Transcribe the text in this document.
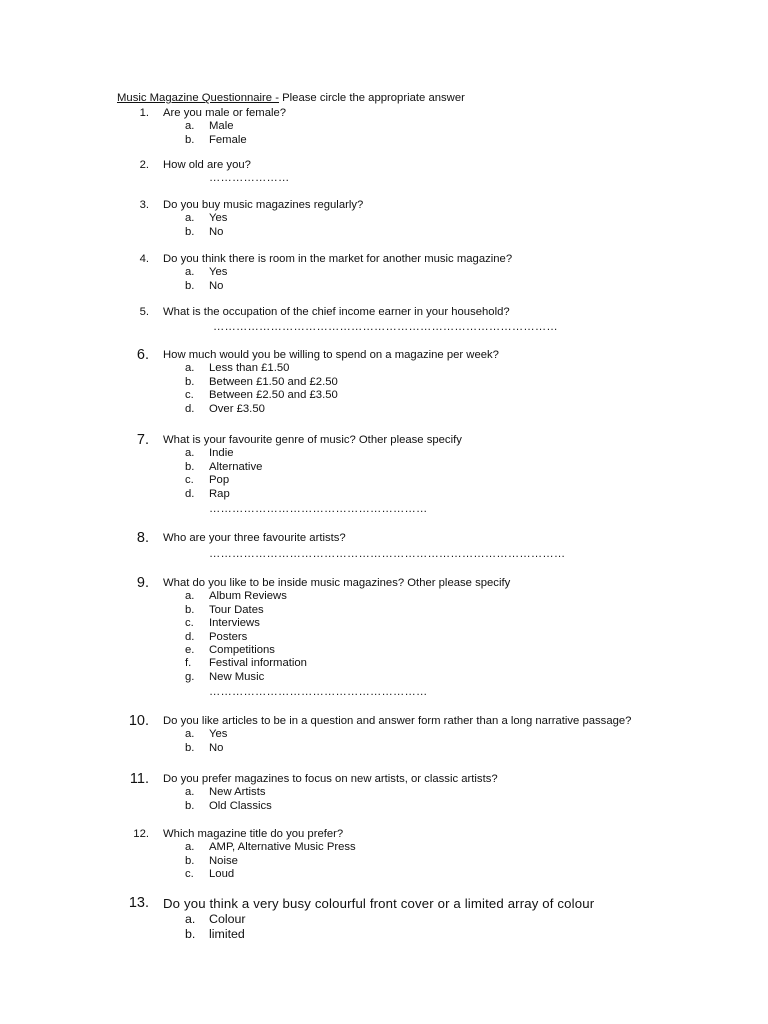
Music Magazine Questionnaire - Please circle the appropriate answer
1. Are you male or female?
a. Male
b. Female
2. How old are you?
…………………
3. Do you buy music magazines regularly?
a. Yes
b. No
4. Do you think there is room in the market for another music magazine?
a. Yes
b. No
5. What is the occupation of the chief income earner in your household?
………………………………………………………………………………
6. How much would you be willing to spend on a magazine per week?
a. Less than £1.50
b. Between £1.50 and £2.50
c. Between £2.50 and £3.50
d. Over £3.50
7. What is your favourite genre of music? Other please specify
a. Indie
b. Alternative
c. Pop
d. Rap
…………………………………………………
8. Who are your three favourite artists?
…………………………………………………………………………………
9. What do you like to be inside music magazines? Other please specify
a. Album Reviews
b. Tour Dates
c. Interviews
d. Posters
e. Competitions
f. Festival information
g. New Music
…………………………………………………
10. Do you like articles to be in a question and answer form rather than a long narrative passage?
a. Yes
b. No
11. Do you prefer magazines to focus on new artists, or classic artists?
a. New Artists
b. Old Classics
12. Which magazine title do you prefer?
a. AMP, Alternative Music Press
b. Noise
c. Loud
13. Do you think a very busy colourful front cover or a limited array of colour
a. Colour
b. limited
